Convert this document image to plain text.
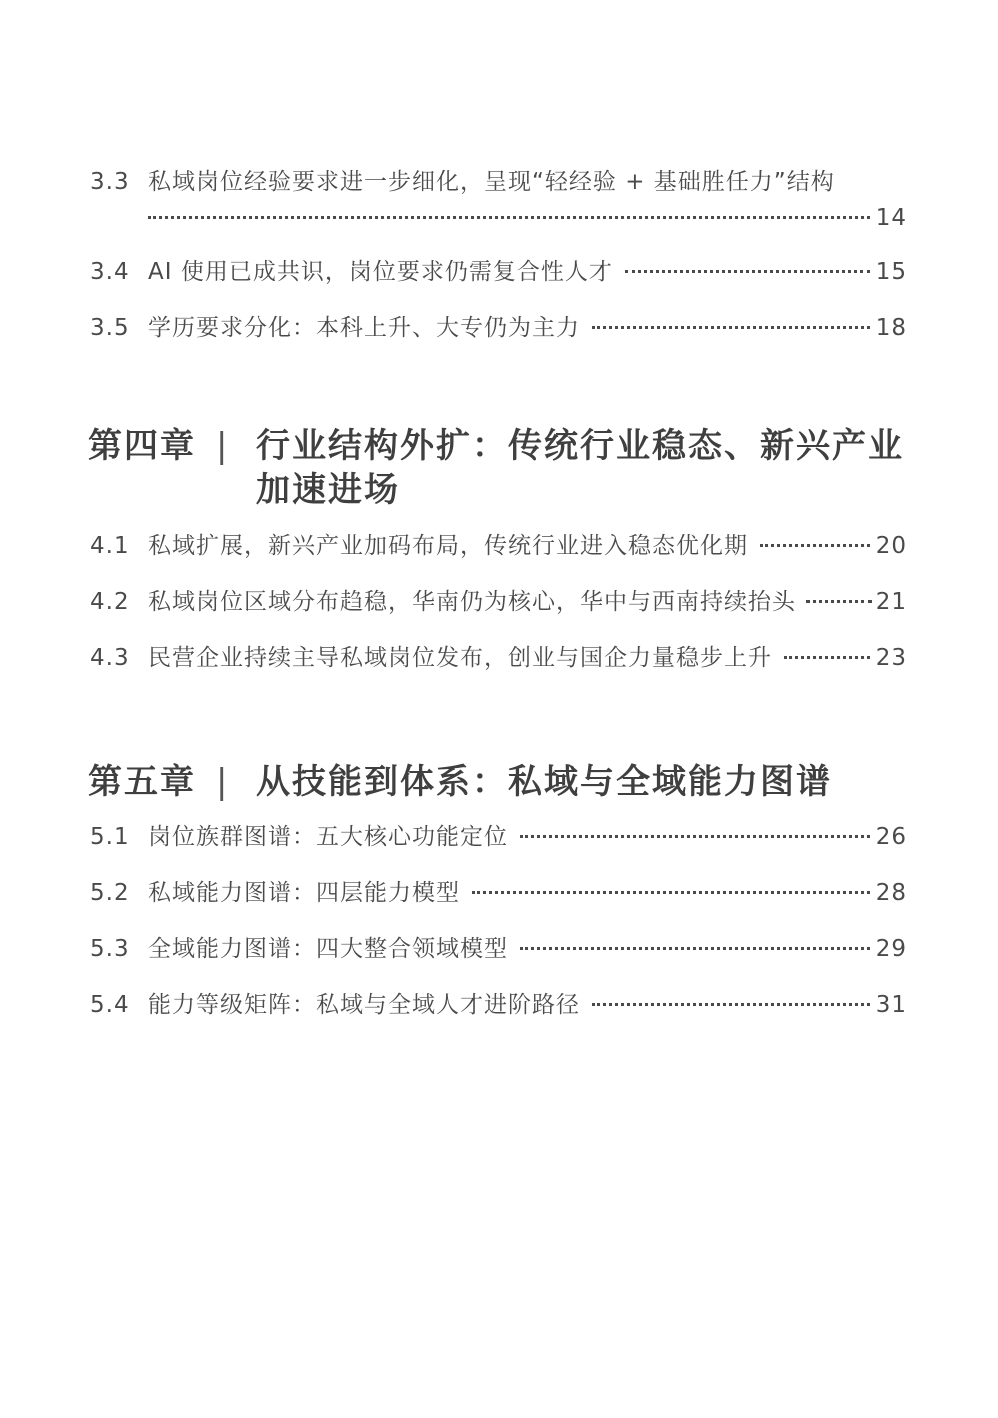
3.3 私域岗位经验要求进一步细化，呈现“轻经验 + 基础胜任力”结构
14
3.4 AI 使用已成共识，岗位要求仍需复合性人才	15
3.5 学历要求分化：本科上升、大专仍为主力	18
第四章 | 行业结构外扩：传统行业稳态、新兴产业加速进场
4.1 私域扩展，新兴产业加码布局，传统行业进入稳态优化期	20
4.2 私域岗位区域分布趋稳，华南仍为核心，华中与西南持续抬头	21
4.3 民营企业持续主导私域岗位发布，创业与国企力量稳步上升	23
第五章 | 从技能到体系：私域与全域能力图谱
5.1 岗位族群图谱：五大核心功能定位	26
5.2 私域能力图谱：四层能力模型	28
5.3 全域能力图谱：四大整合领域模型	29
5.4 能力等级矩阵：私域与全域人才进阶路径	31
